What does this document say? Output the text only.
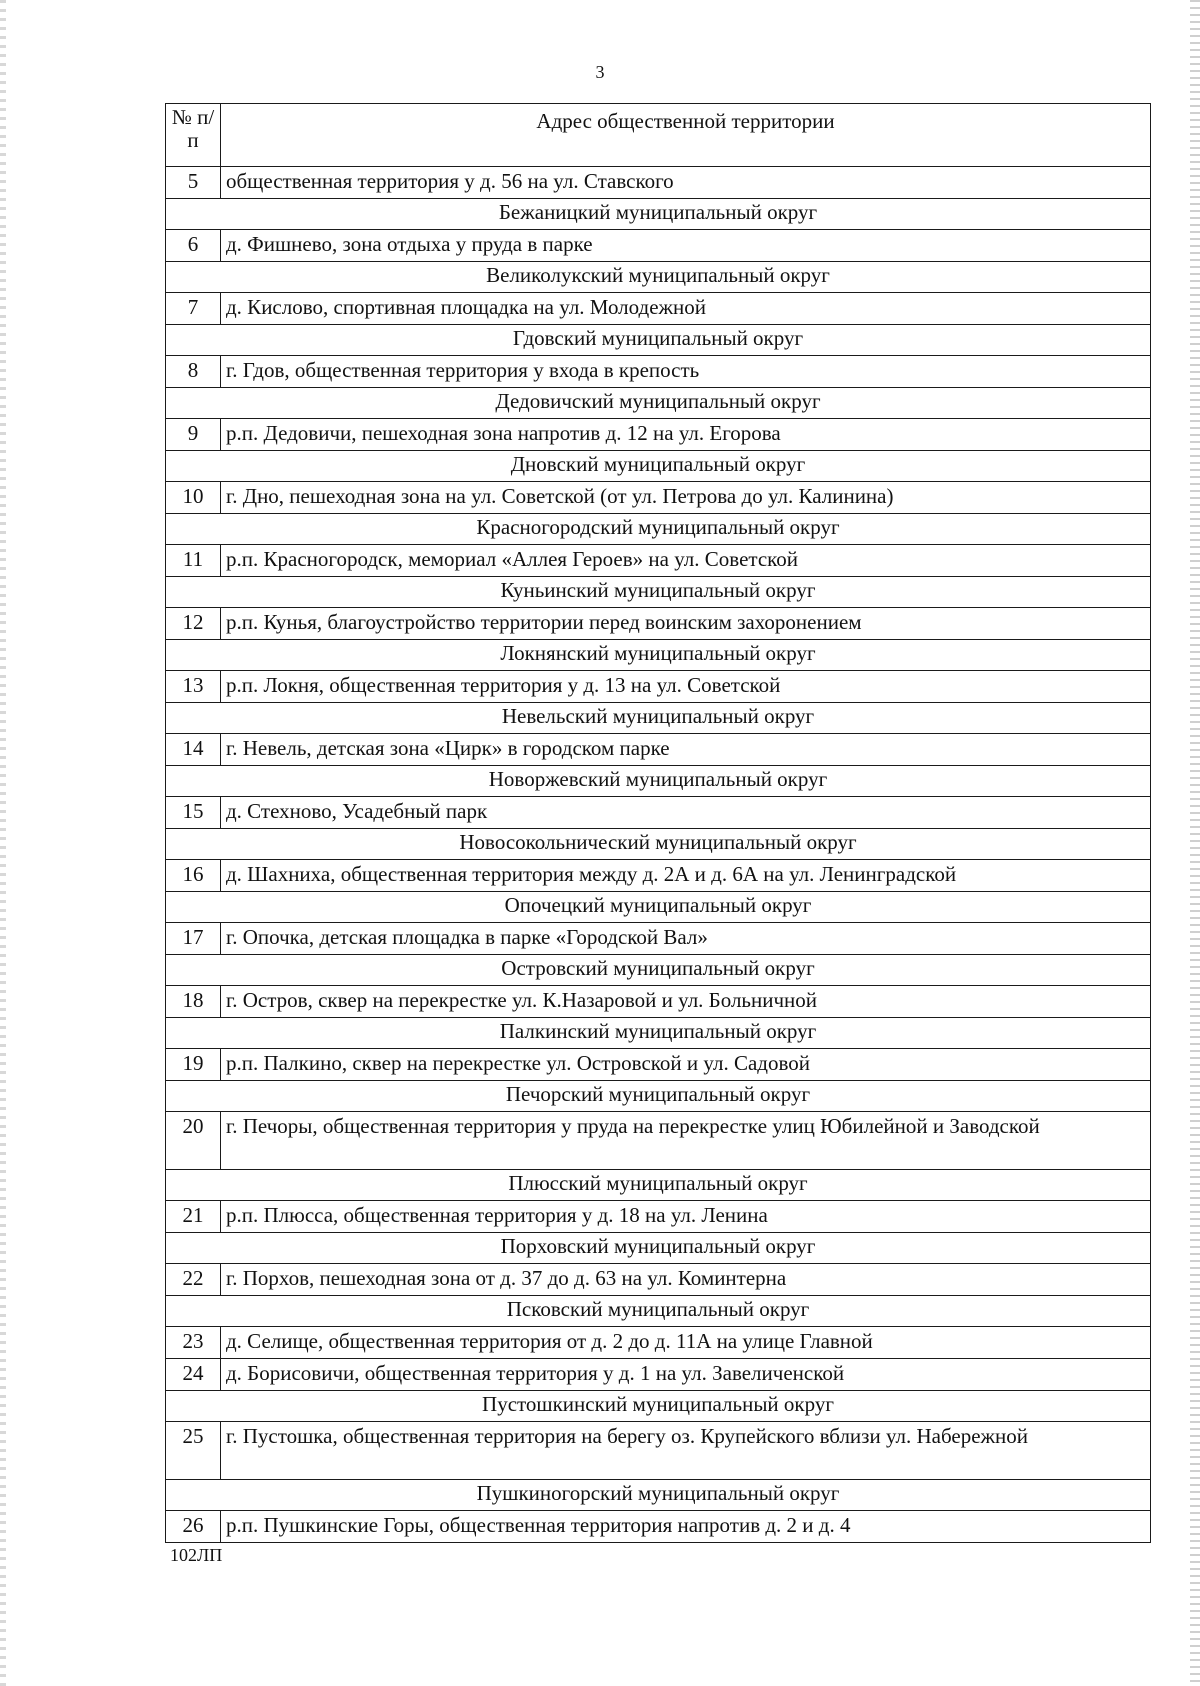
3
№ п/п	Адрес общественной территории
5	общественная территория у д. 56 на ул. Ставского
Бежаницкий муниципальный округ	
6	д. Фишнево, зона отдыха у пруда в парке
Великолукский муниципальный округ	
7	д. Кислово, спортивная площадка на ул. Молодежной
Гдовский муниципальный округ	
8	г. Гдов, общественная территория у входа в крепость
Дедовичский муниципальный округ	
9	р.п. Дедовичи, пешеходная зона напротив д. 12 на ул. Егорова
Дновский муниципальный округ	
10	г. Дно, пешеходная зона на ул. Советской (от ул. Петрова до ул. Калинина)
Красногородский муниципальный округ	
11	р.п. Красногородск, мемориал «Аллея Героев» на ул. Советской
Куньинский муниципальный округ	
12	р.п. Кунья, благоустройство территории перед воинским захоронением
Локнянский муниципальный округ	
13	р.п. Локня, общественная территория у д. 13 на ул. Советской
Невельский муниципальный округ	
14	г. Невель, детская зона «Цирк» в городском парке
Новоржевский муниципальный округ	
15	д. Стехново, Усадебный парк
Новосокольнический муниципальный округ	
16	д. Шахниха, общественная территория между д. 2А и д. 6А на ул. Ленинградской
Опочецкий муниципальный округ	
17	г. Опочка, детская площадка в парке «Городской Вал»
Островский муниципальный округ	
18	г. Остров, сквер на перекрестке ул. К.Назаровой и ул. Больничной
Палкинский муниципальный округ	
19	р.п. Палкино, сквер на перекрестке ул. Островской и ул. Садовой
Печорский муниципальный округ	
20	г. Печоры, общественная территория у пруда на перекрестке улиц Юбилейной и Заводской
Плюсский муниципальный округ	
21	р.п. Плюсса, общественная территория у д. 18 на ул. Ленина
Порховский муниципальный округ	
22	г. Порхов, пешеходная зона от д. 37 до д. 63 на ул. Коминтерна
Псковский муниципальный округ	
23	д. Селище, общественная территория от д. 2 до д. 11А на улице Главной
24	д. Борисовичи, общественная территория у д. 1 на ул. Завеличенской
Пустошкинский муниципальный округ	
25	г. Пустошка, общественная территория на берегу оз. Крупейского вблизи ул. Набережной
Пушкиногорский муниципальный округ	
26	р.п. Пушкинские Горы, общественная территория напротив д. 2 и д. 4
102ЛП
